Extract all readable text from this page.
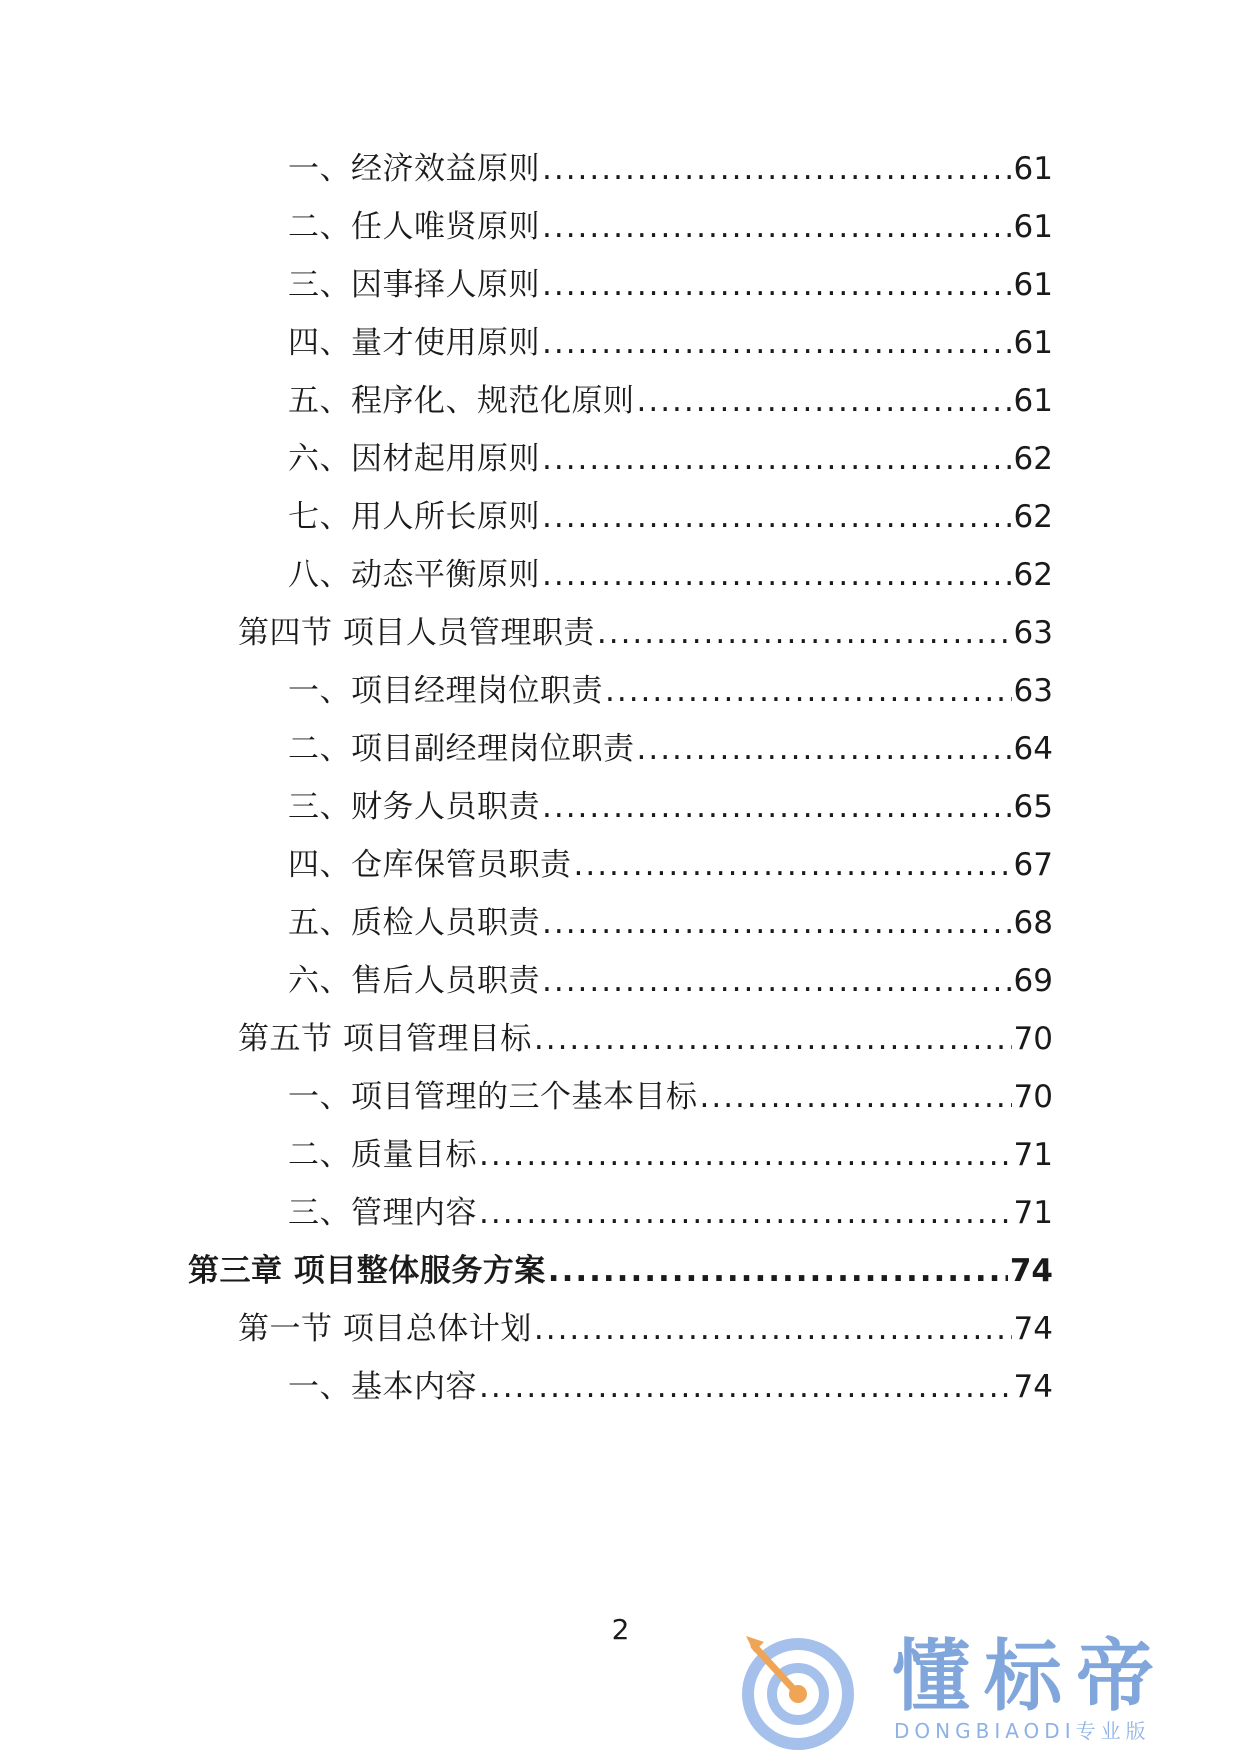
一、经济效益原则 .....	61
二、任人唯贤原则 .....	61
三、因事择人原则 .....	61
四、量才使用原则 .....	61
五、程序化、规范化原则 .....	61
六、因材起用原则 .....	62
七、用人所长原则 .....	62
八、动态平衡原则 .....	62
第四节 项目人员管理职责 .....	63
一、项目经理岗位职责 .....	63
二、项目副经理岗位职责 .....	64
三、财务人员职责 .....	65
四、仓库保管员职责 .....	67
五、质检人员职责 .....	68
六、售后人员职责 .....	69
第五节 项目管理目标 .....	70
一、项目管理的三个基本目标 .....	70
二、质量目标 .....	71
三、管理内容 .....	71
第三章 项目整体服务方案 .....	74
第一节 项目总体计划 .....	74
一、基本内容 .....	74
2
懂标帝
DONGBIAODI专业版
